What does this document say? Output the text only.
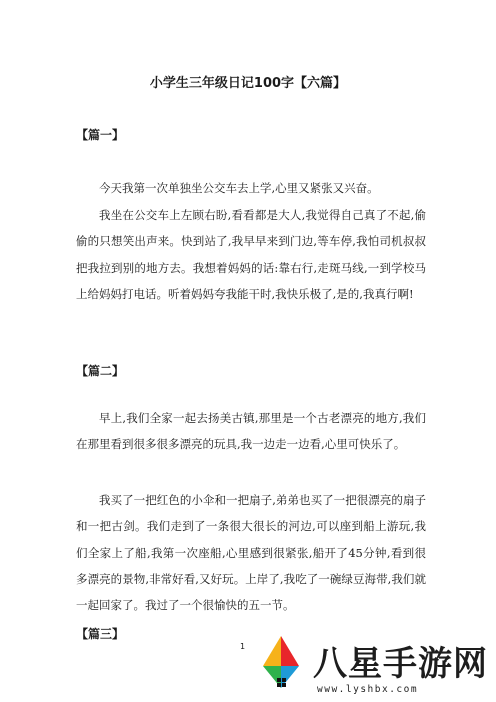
小学生三年级日记100字【六篇】
【篇一】

今天我第一次单独坐公交车去上学,心里又紧张又兴奋。

我坐在公交车上左顾右盼,看看都是大人,我觉得自己真了不起,偷偷的只想笑出声来。快到站了,我早早来到门边,等车停,我怕司机叔叔把我拉到别的地方去。我想着妈妈的话:靠右行,走斑马线,一到学校马上给妈妈打电话。听着妈妈夸我能干时,我快乐极了,是的,我真行啊!

【篇二】

早上,我们全家一起去扬美古镇,那里是一个古老漂亮的地方,我们在那里看到很多很多漂亮的玩具,我一边走一边看,心里可快乐了。

我买了一把红色的小伞和一把扇子,弟弟也买了一把很漂亮的扇子和一把古剑。我们走到了一条很大很长的河边,可以座到船上游玩,我们全家上了船,我第一次座船,心里感到很紧张,船开了45分钟,看到很多漂亮的景物,非常好看,又好玩。上岸了,我吃了一碗绿豆海带,我们就一起回家了。我过了一个很愉快的五一节。

【篇三】
1 八星手游网
www.lyshbx.com
